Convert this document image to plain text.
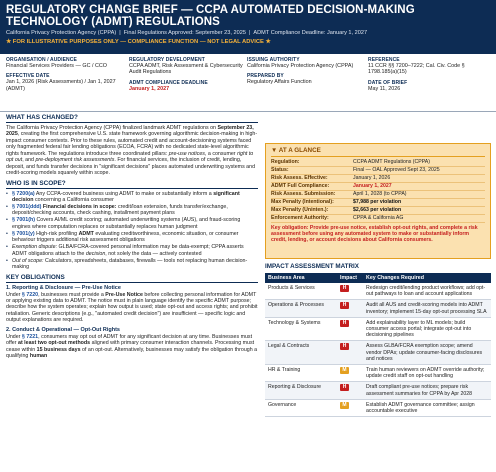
REGULATORY CHANGE BRIEF — CCPA AUTOMATED DECISION-MAKING TECHNOLOGY (ADMT) REGULATIONS
California Privacy Protection Agency (CPPA) | Final Regulations Approved: September 23, 2025 | ADMT Compliance Deadline: January 1, 2027
★ FOR ILLUSTRATIVE PURPOSES ONLY — COMPLIANCE FUNCTION — NOT LEGAL ADVICE ★
ORGANISATION / AUDIENCE
Financial Services Providers — GC / CCO
EFFECTIVE DATE
Jan 1, 2026 (Risk Assessments) / Jan 1, 2027 (ADMT)
REGULATORY DEVELOPMENT
CCPA ADMT, Risk Assessment & Cybersecurity Audit Regulations
ADMT COMPLIANCE DEADLINE
January 1, 2027
ISSUING AUTHORITY
California Privacy Protection Agency (CPPA)
PREPARED BY
Regulatory Affairs Function
REFERENCE
11 CCR §§ 7200–7222; Cal. Civ. Code § 1798.185(a)(15)
DATE OF BRIEF
May 11, 2026
WHAT HAS CHANGED?
The California Privacy Protection Agency (CPPA) finalized landmark ADMT regulations on September 23, 2025, creating the first comprehensive U.S. state framework governing algorithmic decision-making in high-impact consumer contexts. Prior to these rules, automated credit and account-decisioning systems faced only fragmented federal fair lending obligations (ECOA, FCRA) with no dedicated state-level algorithmic rights framework. The regulations introduce three coordinated pillars: pre-use notices, a consumer right to opt out, and pre-deployment risk assessments. For financial services, the inclusion of credit, lending, deposit, and funds transfer decisions in "significant decisions" places automated underwriting systems and credit-scoring models squarely within scope.
WHO IS IN SCOPE?
• § 7200(a) Any CCPA-covered business using ADMT to make or substantially inform a significant decision concerning a California consumer
• § 7001(ddd) Financial decisions in scope: credit/loan extension, funds transfer/exchange, deposit/checking accounts, check cashing, installment payment plans
• § 7001(h) Covers AI/ML credit scoring; automated underwriting systems (AUS), and fraud-scoring engines where computation replaces or substantially replaces human judgment
• § 7001(y) High-risk profiling ADMT evaluating creditworthiness, economic situation, or consumer behaviour triggers additional risk assessment obligations
• Exemption dispute: GLBA/FCRA-covered personal information may be data-exempt; CPPA asserts ADMT obligations attach to the decision, not solely the data — actively contested
• Out of scope: Calculators, spreadsheets, databases, firewalls — tools not replacing human decision-making
KEY OBLIGATIONS
1. Reporting & Disclosure — Pre-Use Notice
Under § 7220, businesses must provide a Pre-Use Notice before collecting personal information for ADMT or applying existing data to ADMT. The notice must in plain language identify the specific ADMT purpose; describe how the system operates; explain how output is used; state opt-out and access rights; and prohibit retaliation. Generic descriptions (e.g., "automated credit decision") are insufficient — specific logic and output explanations are required.
2. Conduct & Operational — Opt-Out Rights
Under § 7221, consumers may opt out of ADMT for any significant decision at any time. Businesses must offer at least two opt-out methods aligned with primary consumer interaction channels. Processing must cease within 15 business days of an opt-out. Alternatively, businesses may satisfy the obligation through a qualifying human
▼ AT A GLANCE
Regulation:	CCPA ADMT Regulations (CPPA)
Status:	Final — OAL Approved Sept 23, 2025
Risk Assess. Effective:	January 1, 2026
ADMT Full Compliance:	January 1, 2027
Risk Assess. Submission:	April 1, 2028 (to CPPA)
Max Penalty (Intentional):	$7,988 per violation
Max Penalty (Uninten.):	$2,663 per violation
Enforcement Authority:	CPPA & California AG
Key obligation: Provide pre-use notice, establish opt-out rights, and complete a risk assessment before using any automated system to make or substantially inform credit, lending, or account decisions about California consumers.
IMPACT ASSESSMENT MATRIX
Business Area	Impact	Key Changes Required
Products & Services	H	Redesign credit/lending product workflows; add opt-out pathways to loan and account applications
Operations & Processes	H	Audit all AUS and credit-scoring models into ADMT inventory; implement 15-day opt-out processing SLA
Technology & Systems	H	Add explainability layer to ML models; build consumer access portal; integrate opt-out into decisioning pipelines
Legal & Contracts	H	Assess GLBA/FCRA exemption scope; amend vendor DPAs; update consumer-facing disclosures and notices
HR & Training	M	Train human reviewers on ADMT override authority; update credit staff on opt-out handling
Reporting & Disclosure	H	Draft compliant pre-use notices; prepare risk assessment summaries for CPPA by Apr 2028
Governance	M	Establish ADMT governance committee; assign accountable executive
